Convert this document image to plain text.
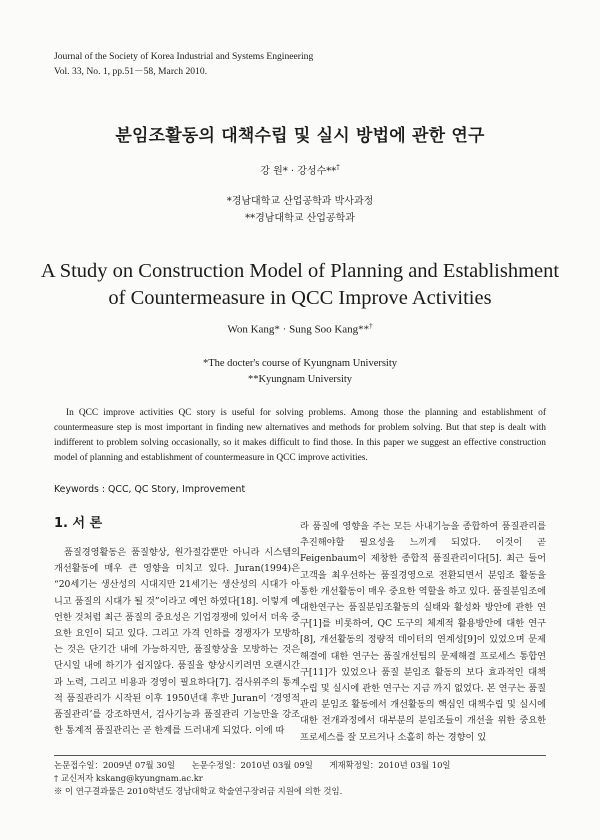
Journal of the Society of Korea Industrial and Systems Engineering
Vol. 33, No. 1, pp.51－58, March 2010.
분임조활동의 대책수립 및 실시 방법에 관한 연구
강 원* · 강성수**†
*경남대학교 산업공학과 박사과정
**경남대학교 산업공학과
A Study on Construction Model of Planning and Establishment
of Countermeasure in QCC Improve Activities
Won Kang* · Sung Soo Kang**†
*The docter's course of Kyungnam University
**Kyungnam University
In QCC improve activities QC story is useful for solving problems. Among those the planning and establishment of countermeasure step is most important in finding new alternatives and methods for problem solving. But that step is dealt with indifferent to problem solving occasionally, so it makes difficult to find those. In this paper we suggest an effective construction model of planning and establishment of countermeasure in QCC improve activities.
Keywords : QCC, QC Story, Improvement
1. 서 론

품질경영활동은 품질향상, 원가절감뿐만 아니라 시스템의 개선활동에 매우 큰 영향을 미치고 있다. Juran(1994)은 “20세기는 생산성의 시대지만 21세기는 생산성의 시대가 아니고 품질의 시대가 될 것”이라고 예언 하였다[18]. 이렇게 예언한 것처럼 최근 품질의 중요성은 기업경쟁에 있어서 더욱 중요한 요인이 되고 있다. 그리고 가격 인하를 경쟁자가 모방하는 것은 단기간 내에 가능하지만, 품질향상을 모방하는 것은 단시일 내에 하기가 쉽지않다. 품질을 향상시키려면 오랜시간과 노력, 그리고 비용과 경영이 필요하다[7]. 검사위주의 통계적 품질관리가 시작된 이후 1950년대 후반 Juran이 ‘경영적 품질관리’를 강조하면서, 검사기능과 품질관리 기능만을 강조한 통계적 품질관리는 곧 한계를 드러내게 되었다. 이에 따

라 품질에 영향을 주는 모든 사내기능을 종합하여 품질관리를 추진해야할 필요성을 느끼게 되었다. 이것이 곧 Feigenbaum이 제창한 종합적 품질관리이다[5]. 최근 들어 고객을 최우선하는 품질경영으로 전환되면서 분임조 활동을 통한 개선활동이 매우 중요한 역할을 하고 있다. 품질분임조에 대한연구는 품질분임조활동의 실태와 활성화 방안에 관한 연구[1]를 비롯하여, QC 도구의 체계적 활용방안에 대한 연구[8], 개선활동의 정량적 데이터의 연계성[9]이 있었으며 문제해결에 대한 연구는 품질개선팀의 문제해결 프로세스 통합연구[11]가 있었으나 품질 분임조 활동의 보다 효과적인 대책 수립 및 실시에 관한 연구는 지금 까지 없었다. 본 연구는 품질관리 분임조 활동에서 개선활동의 핵심인 대책수립 및 실시에 대한 전개과정에서 대부분의 분임조들이 개선을 위한 중요한 프로세스를 잘 모르거나 소홀히 하는 경향이 있

논문접수일：2009년 07월 30일 논문수정일：2010년 03월 09일 게재확정일：2010년 03월 10일
† 교신저자 kskang@kyungnam.ac.kr
※ 이 연구결과물은 2010학년도 경남대학교 학술연구장려금 지원에 의한 것임.
